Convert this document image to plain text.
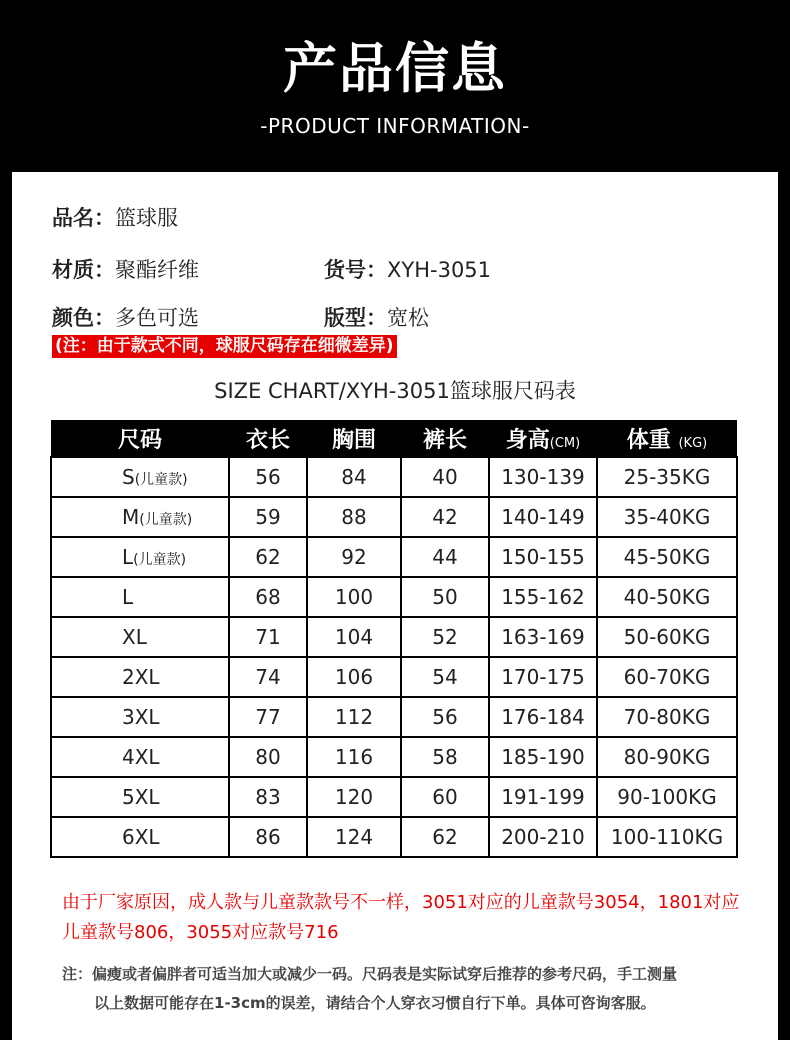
产品信息
-PRODUCT INFORMATION-
品名：篮球服
材质：聚酯纤维	货号：XYH-3051
颜色：多色可选	版型：宽松
(注：由于款式不同，球服尺码存在细微差异)
SIZE CHART/XYH-3051篮球服尺码表
尺码	衣长	胸围	裤长	身高(CM)	体重 (KG)
S(儿童款)	56	84	40	130-139	25-35KG
M(儿童款)	59	88	42	140-149	35-40KG
L(儿童款)	62	92	44	150-155	45-50KG
L	68	100	50	155-162	40-50KG
XL	71	104	52	163-169	50-60KG
2XL	74	106	54	170-175	60-70KG
3XL	77	112	56	176-184	70-80KG
4XL	80	116	58	185-190	80-90KG
5XL	83	120	60	191-199	90-100KG
6XL	86	124	62	200-210	100-110KG
由于厂家原因，成人款与儿童款款号不一样，3051对应的儿童款号3054，1801对应儿童款号806，3055对应款号716
注：偏瘦或者偏胖者可适当加大或减少一码。尺码表是实际试穿后推荐的参考尺码，手工测量
以上数据可能存在1-3cm的误差，请结合个人穿衣习惯自行下单。具体可咨询客服。
